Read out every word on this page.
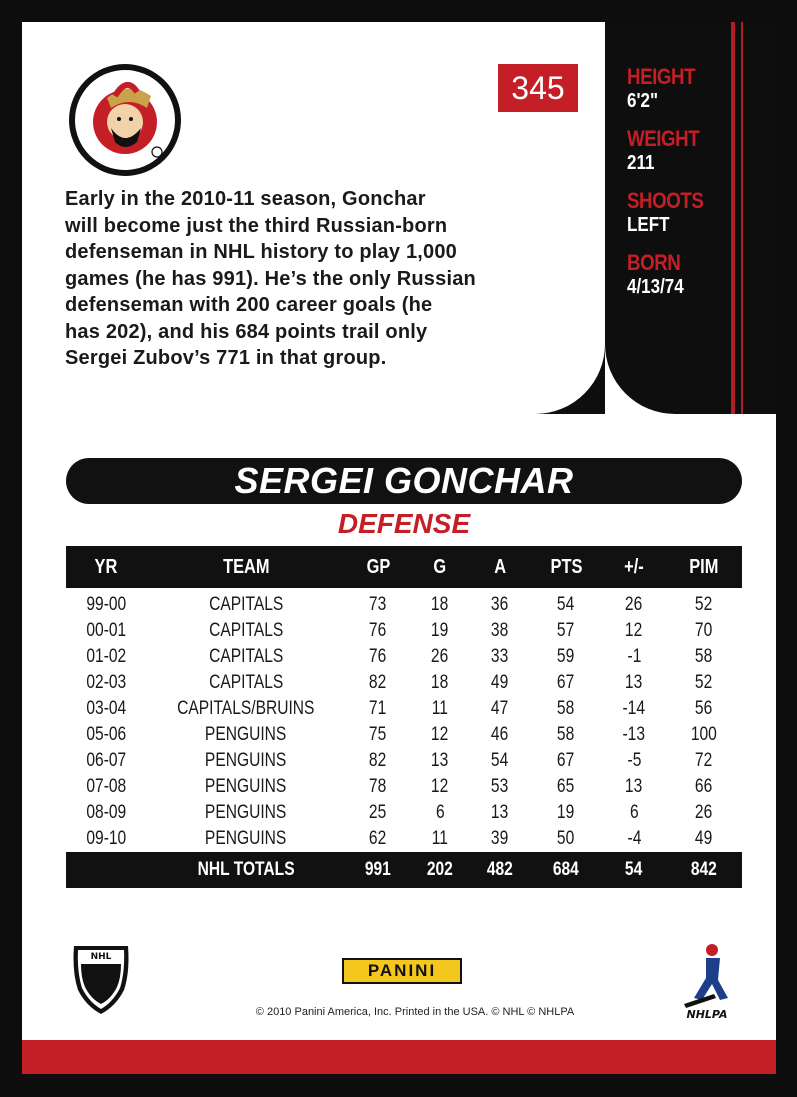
345
Early in the 2010-11 season, Gonchar
will become just the third Russian-born
defenseman in NHL history to play 1,000
games (he has 991). He’s the only Russian
defenseman with 200 career goals (he
has 202), and his 684 points trail only
Sergei Zubov’s 771 in that group.
HEIGHT
6'2"
WEIGHT
211
SHOOTS
LEFT
BORN
4/13/74
SERGEI GONCHAR
DEFENSE
YR	TEAM	GP	G	A	PTS	+/-	PIM
99-00	CAPITALS	73	18	36	54	26	52
00-01	CAPITALS	76	19	38	57	12	70
01-02	CAPITALS	76	26	33	59	-1	58
02-03	CAPITALS	82	18	49	67	13	52
03-04	CAPITALS/BRUINS	71	11	47	58	-14	56
05-06	PENGUINS	75	12	46	58	-13	100
06-07	PENGUINS	82	13	54	67	-5	72
07-08	PENGUINS	78	12	53	65	13	66
08-09	PENGUINS	25	6	13	19	6	26
09-10	PENGUINS	62	11	39	50	-4	49
	NHL TOTALS	991	202	482	684	54	842
NHL
PANINI
© 2010 Panini America, Inc. Printed in the USA. © NHL © NHLPA	NHLPA
